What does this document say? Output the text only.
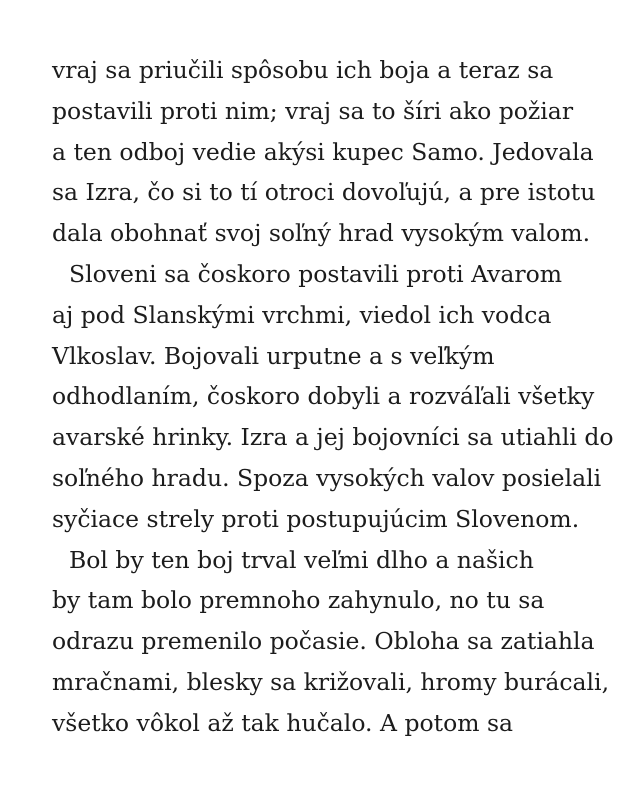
vraj sa priučili spôsobu ich boja a teraz sa
postavili proti nim; vraj sa to šíri ako požiar
a ten odboj vedie akýsi kupec Samo. Jedovala
sa Izra, čo si to tí otroci dovoľujú, a pre istotu
dala obohnať svoj soľný hrad vysokým valom.
Sloveni sa čoskoro postavili proti Avarom
aj pod Slanskými vrchmi, viedol ich vodca
Vlkoslav. Bojovali urputne a s veľkým
odhodlaním, čoskoro dobyli a rozváľali všetky
avarské hrinky. Izra a jej bojovníci sa utiahli do
soľného hradu. Spoza vysokých valov posielali
syčiace strely proti postupujúcim Slovenom.
Bol by ten boj trval veľmi dlho a našich
by tam bolo premnoho zahynulo, no tu sa
odrazu premenilo počasie. Obloha sa zatiahla
mračnami, blesky sa križovali, hromy burácali,
všetko vôkol až tak hučalo. A potom sa
